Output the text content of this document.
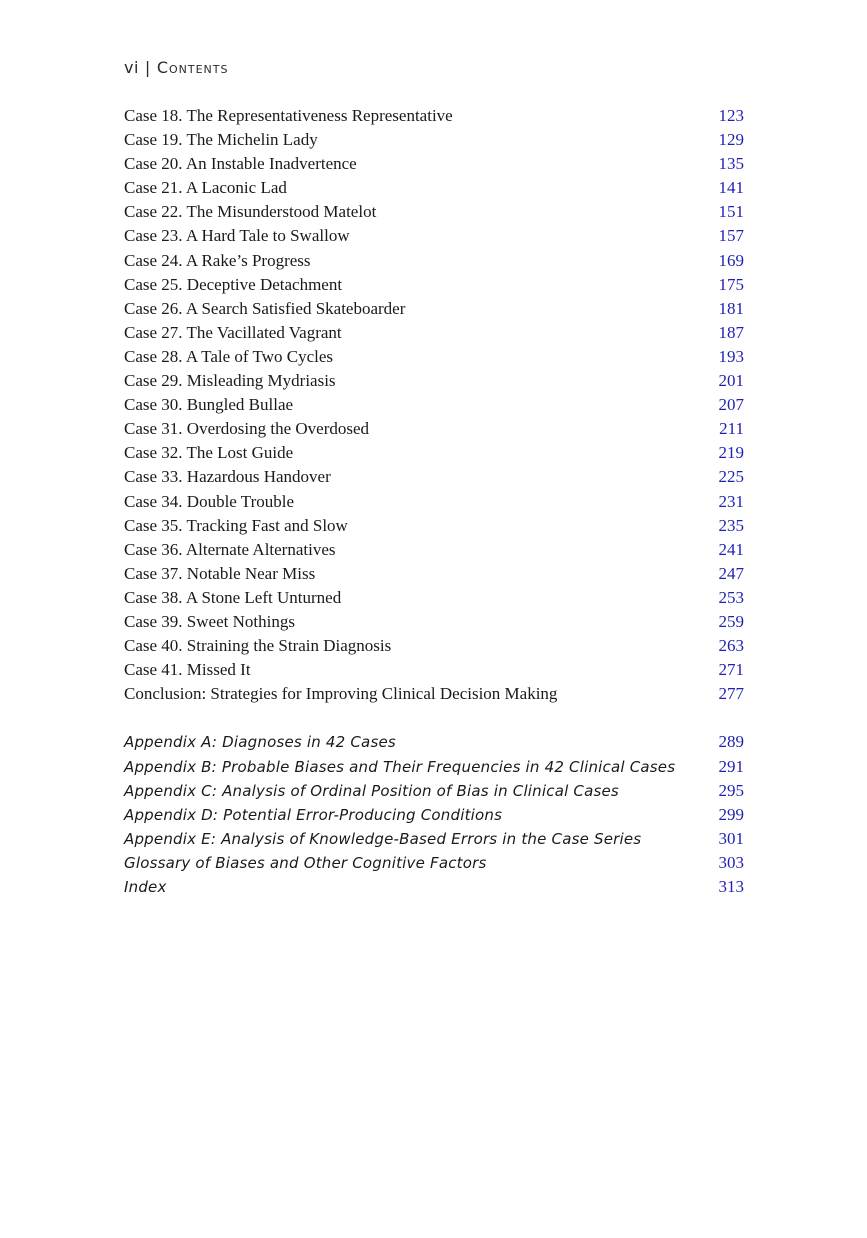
vi | Contents
Case 18. The Representativeness Representative	123
Case 19. The Michelin Lady	129
Case 20. An Instable Inadvertence	135
Case 21. A Laconic Lad	141
Case 22. The Misunderstood Matelot	151
Case 23. A Hard Tale to Swallow	157
Case 24. A Rake’s Progress	169
Case 25. Deceptive Detachment	175
Case 26. A Search Satisfied Skateboarder	181
Case 27. The Vacillated Vagrant	187
Case 28. A Tale of Two Cycles	193
Case 29. Misleading Mydriasis	201
Case 30. Bungled Bullae	207
Case 31. Overdosing the Overdosed	211
Case 32. The Lost Guide	219
Case 33. Hazardous Handover	225
Case 34. Double Trouble	231
Case 35. Tracking Fast and Slow	235
Case 36. Alternate Alternatives	241
Case 37. Notable Near Miss	247
Case 38. A Stone Left Unturned	253
Case 39. Sweet Nothings	259
Case 40. Straining the Strain Diagnosis	263
Case 41. Missed It	271
Conclusion: Strategies for Improving Clinical Decision Making	277
Appendix A: Diagnoses in 42 Cases	289
Appendix B: Probable Biases and Their Frequencies in 42 Clinical Cases	291
Appendix C: Analysis of Ordinal Position of Bias in Clinical Cases	295
Appendix D: Potential Error-Producing Conditions	299
Appendix E: Analysis of Knowledge-Based Errors in the Case Series	301
Glossary of Biases and Other Cognitive Factors	303
Index	313
